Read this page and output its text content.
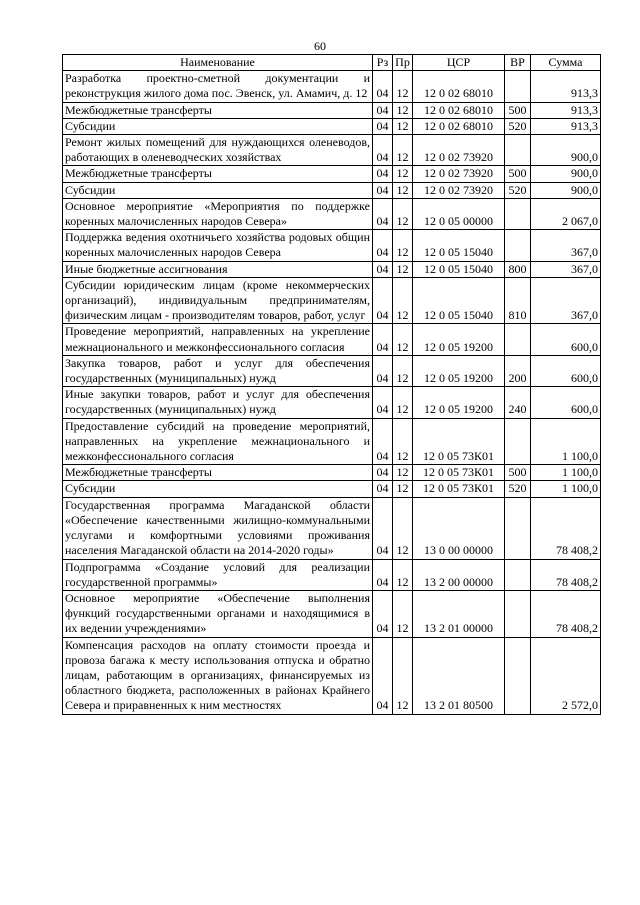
60
Наименование	Рз	Пр	ЦСР	ВР	Сумма
Разработка проектно-сметной документации и реконструкция жилого дома пос. Эвенск, ул. Амамич, д. 12	04	12	12 0 02 68010		913,3
Межбюджетные трансферты	04	12	12 0 02 68010	500	913,3
Субсидии	04	12	12 0 02 68010	520	913,3
Ремонт жилых помещений для нуждающихся оленеводов, работающих в оленеводческих хозяйствах	04	12	12 0 02 73920		900,0
Межбюджетные трансферты	04	12	12 0 02 73920	500	900,0
Субсидии	04	12	12 0 02 73920	520	900,0
Основное мероприятие «Мероприятия по поддержке коренных малочисленных народов Севера»	04	12	12 0 05 00000		2 067,0
Поддержка ведения охотничьего хозяйства родовых общин коренных малочисленных народов Севера	04	12	12 0 05 15040		367,0
Иные бюджетные ассигнования	04	12	12 0 05 15040	800	367,0
Субсидии юридическим лицам (кроме некоммерческих организаций), индивидуальным предпринимателям, физическим лицам - производителям товаров, работ, услуг	04	12	12 0 05 15040	810	367,0
Проведение мероприятий, направленных на укрепление межнационального и межконфессионального согласия	04	12	12 0 05 19200		600,0
Закупка товаров, работ и услуг для обеспечения государственных (муниципальных) нужд	04	12	12 0 05 19200	200	600,0
Иные закупки товаров, работ и услуг для обеспечения государственных (муниципальных) нужд	04	12	12 0 05 19200	240	600,0
Предоставление субсидий на проведение мероприятий, направленных на укрепление межнационального и межконфессионального согласия	04	12	12 0 05 73К01		1 100,0
Межбюджетные трансферты	04	12	12 0 05 73К01	500	1 100,0
Субсидии	04	12	12 0 05 73К01	520	1 100,0
Государственная программа Магаданской области «Обеспечение качественными жилищно-коммунальными услугами и комфортными условиями проживания населения Магаданской области на 2014-2020 годы»	04	12	13 0 00 00000		78 408,2
Подпрограмма «Создание условий для реализации государственной программы»	04	12	13 2 00 00000		78 408,2
Основное мероприятие «Обеспечение выполнения функций государственными органами и находящимися в их ведении учреждениями»	04	12	13 2 01 00000		78 408,2
Компенсация расходов на оплату стоимости проезда и провоза багажа к месту использования отпуска и обратно лицам, работающим в организациях, финансируемых из областного бюджета, расположенных в районах Крайнего Севера и приравненных к ним местностях	04	12	13 2 01 80500		2 572,0
